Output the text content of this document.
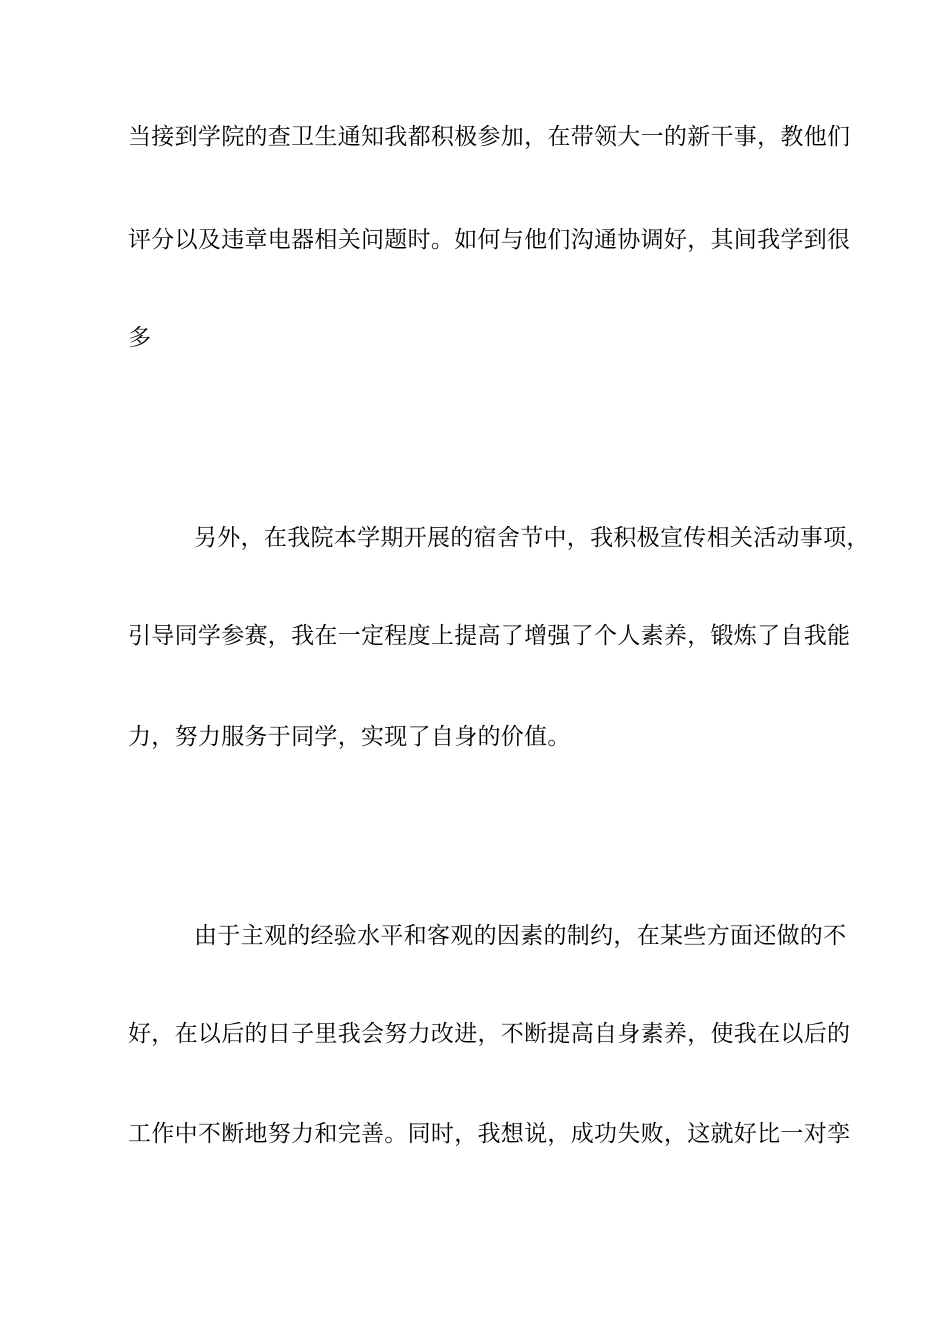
当接到学院的查卫生通知我都积极参加，在带领大一的新干事，教他们
评分以及违章电器相关问题时。如何与他们沟通协调好，其间我学到很
多
另外，在我院本学期开展的宿舍节中，我积极宣传相关活动事项，
引导同学参赛，我在一定程度上提高了增强了个人素养，锻炼了自我能
力，努力服务于同学，实现了自身的价值。
由于主观的经验水平和客观的因素的制约，在某些方面还做的不
好，在以后的日子里我会努力改进，不断提高自身素养，使我在以后的
工作中不断地努力和完善。同时，我想说，成功失败，这就好比一对孪
